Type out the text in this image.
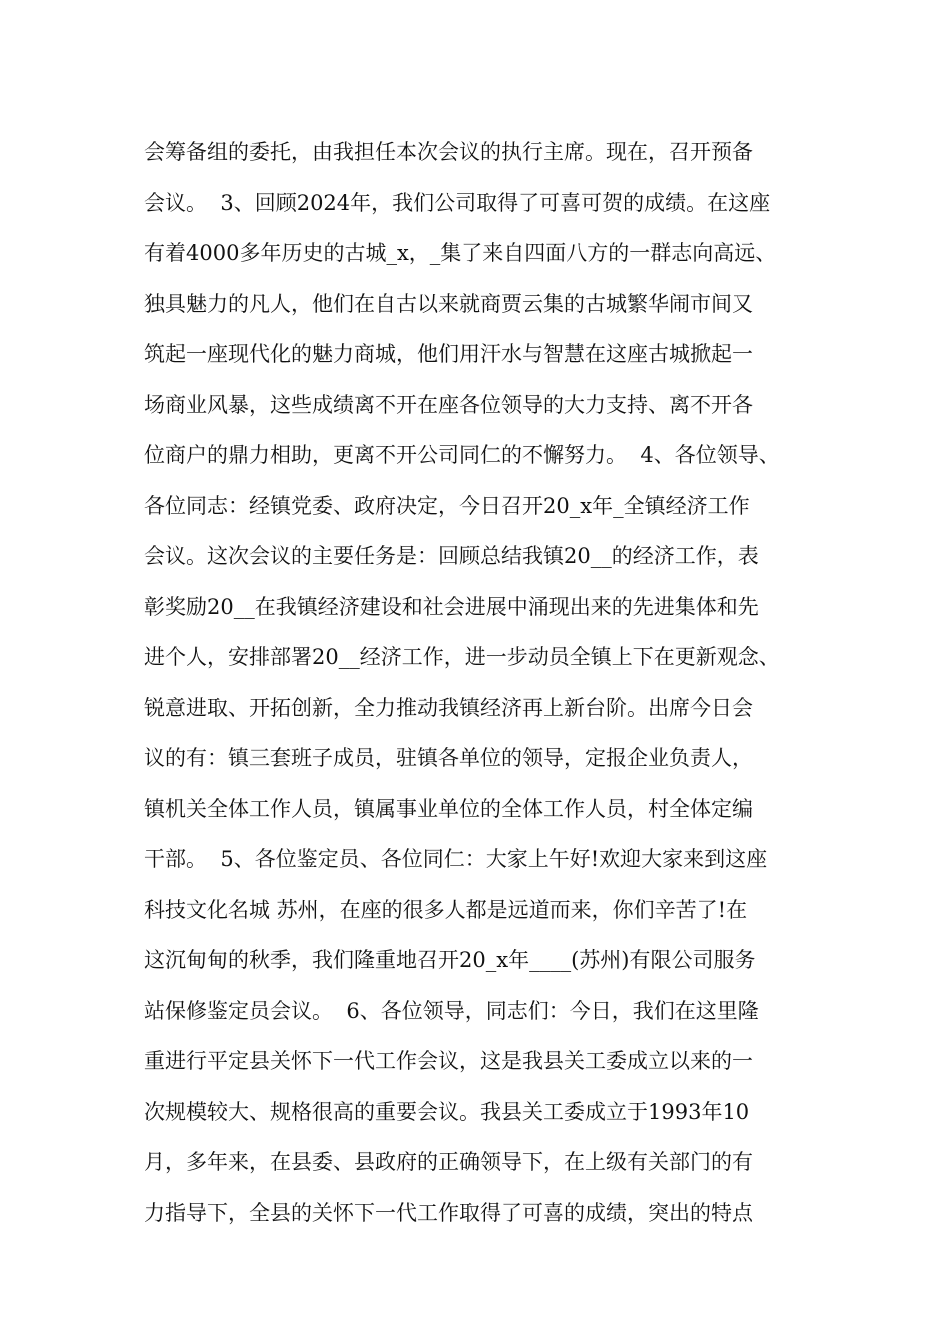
会筹备组的委托，由我担任本次会议的执行主席。现在，召开预备
会议。  3、回顾2024年，我们公司取得了可喜可贺的成绩。在这座
有着4000多年历史的古城_x，_集了来自四面八方的一群志向高远、
独具魅力的凡人，他们在自古以来就商贾云集的古城繁华闹市间又
筑起一座现代化的魅力商城，他们用汗水与智慧在这座古城掀起一
场商业风暴，这些成绩离不开在座各位领导的大力支持、离不开各
位商户的鼎力相助，更离不开公司同仁的不懈努力。  4、各位领导、
各位同志：经镇党委、政府决定，今日召开20_x年_全镇经济工作
会议。这次会议的主要任务是：回顾总结我镇20__的经济工作，表
彰奖励20__在我镇经济建设和社会进展中涌现出来的先进集体和先
进个人，安排部署20__经济工作，进一步动员全镇上下在更新观念、
锐意进取、开拓创新，全力推动我镇经济再上新台阶。出席今日会
议的有：镇三套班子成员，驻镇各单位的领导，定报企业负责人，
镇机关全体工作人员，镇属事业单位的全体工作人员，村全体定编
干部。  5、各位鉴定员、各位同仁：大家上午好!欢迎大家来到这座
科技文化名城 苏州，在座的很多人都是远道而来，你们辛苦了!在
这沉甸甸的秋季，我们隆重地召开20_x年____(苏州)有限公司服务
站保修鉴定员会议。  6、各位领导，同志们：今日，我们在这里隆
重进行平定县关怀下一代工作会议，这是我县关工委成立以来的一
次规模较大、规格很高的重要会议。我县关工委成立于1993年10
月，多年来，在县委、县政府的正确领导下，在上级有关部门的有
力指导下，全县的关怀下一代工作取得了可喜的成绩，突出的特点
